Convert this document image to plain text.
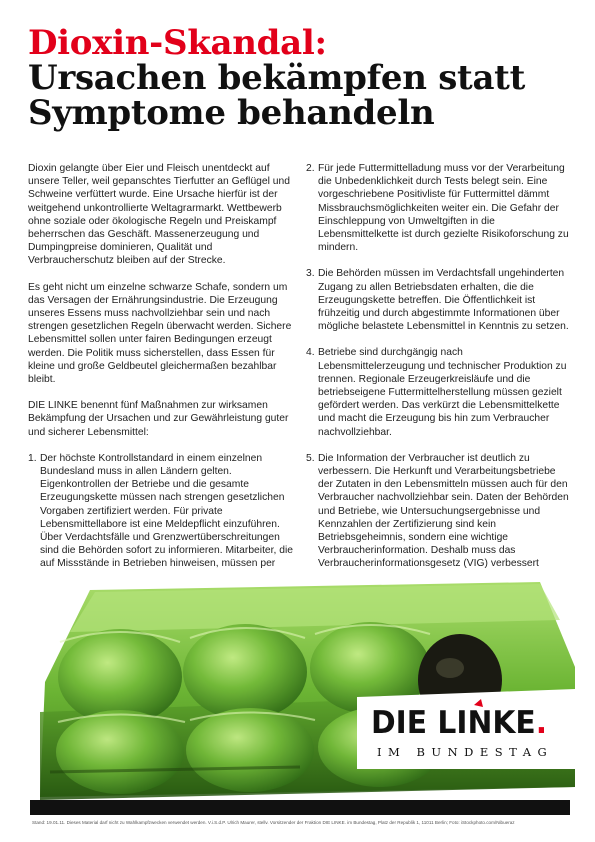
Dioxin-Skandal:
Ursachen bekämpfen statt
Symptome behandeln

Dioxin gelangte über Eier und Fleisch unentdeckt auf unsere Teller, weil gepanschtes Tierfutter an Geflügel und Schweine verfüttert wurde. Eine Ursache hierfür ist der weitgehend unkontrollierte Weltagrarmarkt. Wettbewerb ohne soziale oder ökologische Regeln und Preiskampf beherrschen das Geschäft. Massenerzeugung und Dumpingpreise dominieren, Qualität und Verbraucherschutz bleiben auf der Strecke.

Es geht nicht um einzelne schwarze Schafe, sondern um das Versagen der Ernährungsindustrie. Die Erzeugung unseres Essens muss nachvollziehbar sein und nach strengen gesetzlichen Regeln überwacht werden. Sichere Lebensmittel sollen unter fairen Bedingungen erzeugt werden. Die Politik muss sicherstellen, dass Essen für kleine und große Geldbeutel gleichermaßen bezahlbar bleibt.

DIE LINKE benennt fünf Maßnahmen zur wirksamen Bekämpfung der Ursachen und zur Gewährleistung guter und sicherer Lebensmittel:

1. Der höchste Kontrollstandard in einem einzelnen Bundesland muss in allen Ländern gelten. Eigenkontrollen der Betriebe und die gesamte Erzeugungskette müssen nach strengen gesetzlichen Vorgaben zertifiziert werden. Für private Lebensmittellabore ist eine Meldepflicht einzuführen. Über Verdachtsfälle und Grenzwertüberschreitungen sind die Behörden sofort zu informieren. Mitarbeiter, die auf Missstände in Betrieben hinweisen, müssen per
2. Für jede Futtermittelladung muss vor der Verarbeitung die Unbedenklichkeit durch Tests belegt sein. Eine vorgeschriebene Positivliste für Futtermittel dämmt Missbrauchsmöglichkeiten weiter ein. Die Gefahr der Einschleppung von Umweltgiften in die Lebensmittelkette ist durch gezielte Risikoforschung zu mindern.
3. Die Behörden müssen im Verdachtsfall ungehinderten Zugang zu allen Betriebsdaten erhalten, die die Erzeugungskette betreffen. Die Öffentlichkeit ist frühzeitig und durch abgestimmte Informationen über mögliche belastete Lebensmittel in Kenntnis zu setzen.
4. Betriebe sind durchgängig nach Lebensmittelerzeugung und technischer Produktion zu trennen. Regionale Erzeugerkreisläufe und die betriebseigene Futtermittelherstellung müssen gezielt gefördert werden. Das verkürzt die Lebensmittelkette und macht die Erzeugung bis hin zum Verbraucher nachvollziehbar.
5. Die Information der Verbraucher ist deutlich zu verbessern. Die Herkunft und Verarbeitungsbetriebe der Zutaten in den Lebensmitteln müssen auch für den Verbraucher nachvollziehbar sein. Daten der Behörden und Betriebe, wie Untersuchungsergebnisse und Kennzahlen der Zertifizierung sind kein Betriebsgeheimnis, sondern eine wichtige Verbraucherinformation. Deshalb muss das Verbraucherinformationsgesetz (VIG) verbessert
DIE LINKE.
IM BUNDESTAG
Stand: 19.01.11. Dieses Material darf nicht zu Wahlkampfzwecken verwendet werden. V.i.S.d.P. Ulrich Maurer, stellv. Vorsitzender der Fraktion DIE LINKE. im Bundestag, Platz der Republik 1, 11011 Berlin; Foto: iStockphoto.com/Nibueraz
